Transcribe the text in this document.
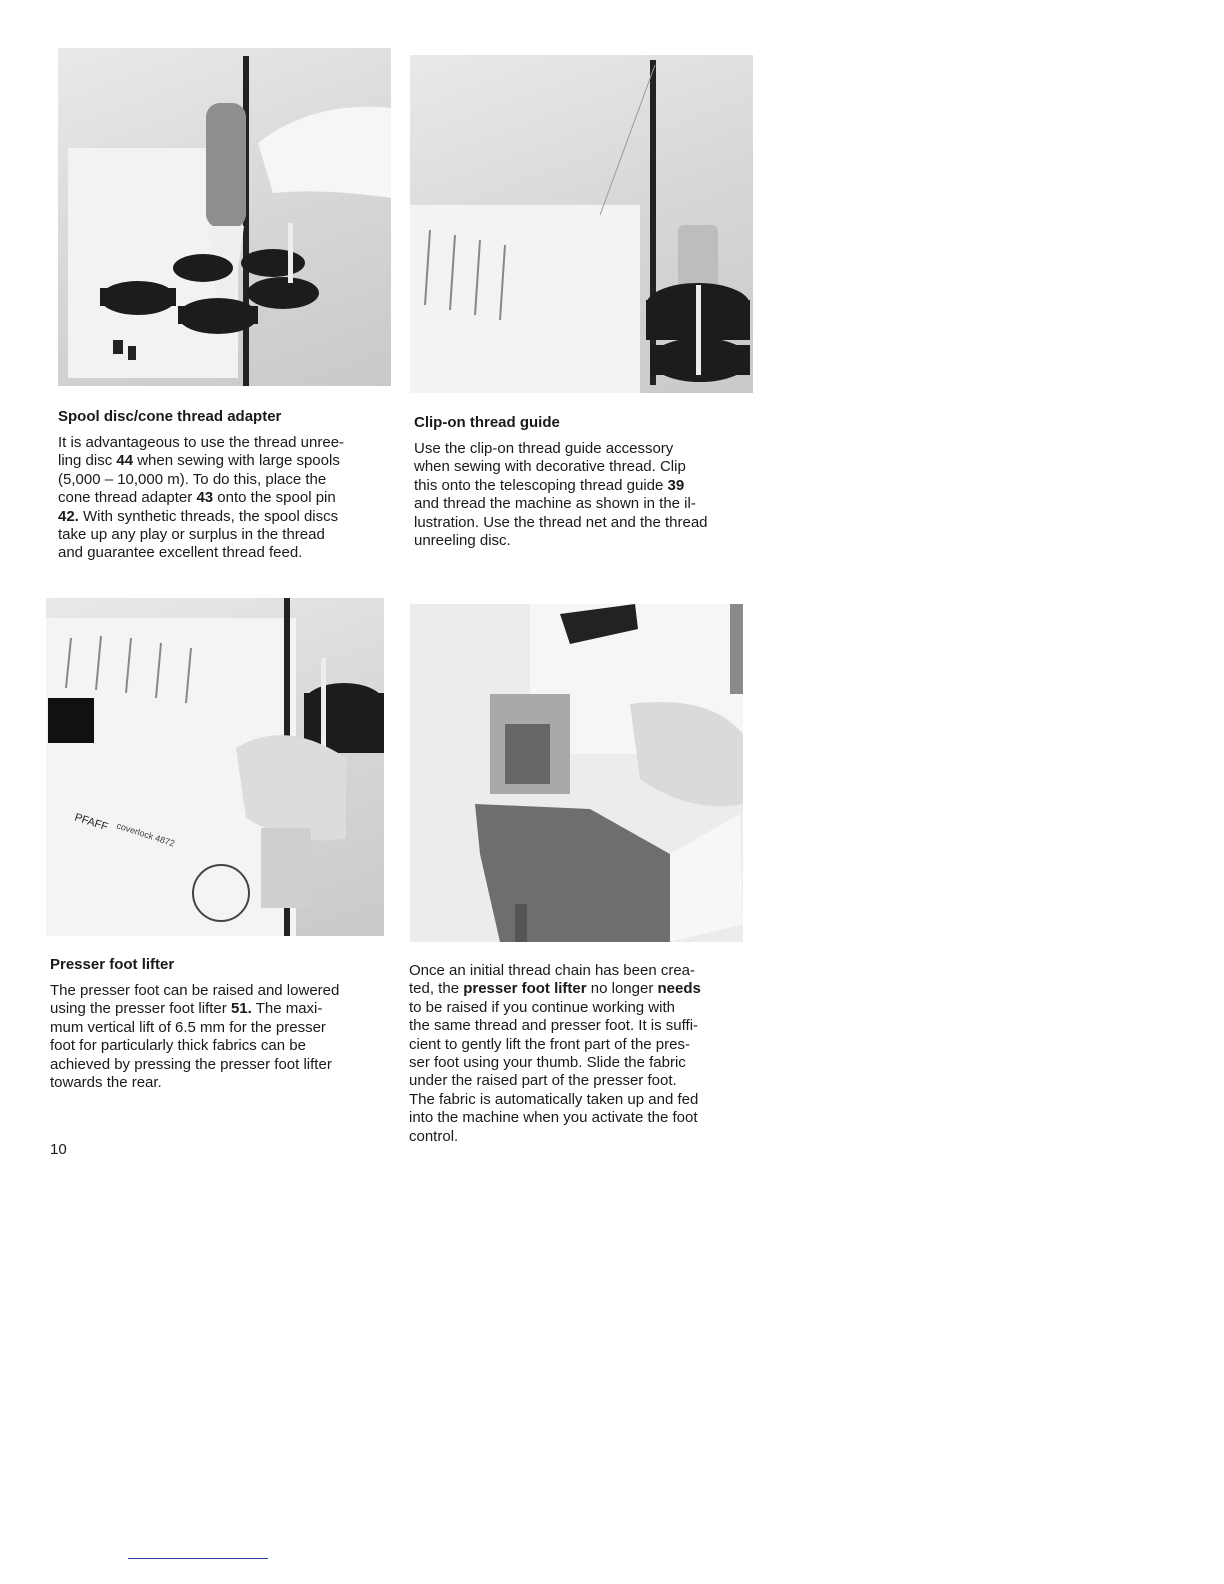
Spool disc/cone thread adapter

It is advantageous to use the thread unree-
ling disc 44 when sewing with large spools
(5,000 – 10,000 m). To do this, place the
cone thread adapter 43 onto the spool pin
42. With synthetic threads, the spool discs
take up any play or surplus in the thread
and guarantee excellent thread feed.

Clip-on thread guide

Use the clip-on thread guide accessory
when sewing with decorative thread. Clip
this onto the telescoping thread guide 39
and thread the machine as shown in the il-
lustration. Use the thread net and the thread
unreeling disc.

PFAFF coverlock 4872
Presser foot lifter

The presser foot can be raised and lowered
using the presser foot lifter 51. The maxi-
mum vertical lift of 6.5 mm for the presser
foot for particularly thick fabrics can be
achieved by pressing the presser foot lifter
towards the rear.

Once an initial thread chain has been crea-
ted, the presser foot lifter no longer needs
to be raised if you continue working with
the same thread and presser foot. It is suffi-
cient to gently lift the front part of the pres-
ser foot using your thumb. Slide the fabric
under the raised part of the presser foot.
The fabric is automatically taken up and fed
into the machine when you activate the foot
control.

10
